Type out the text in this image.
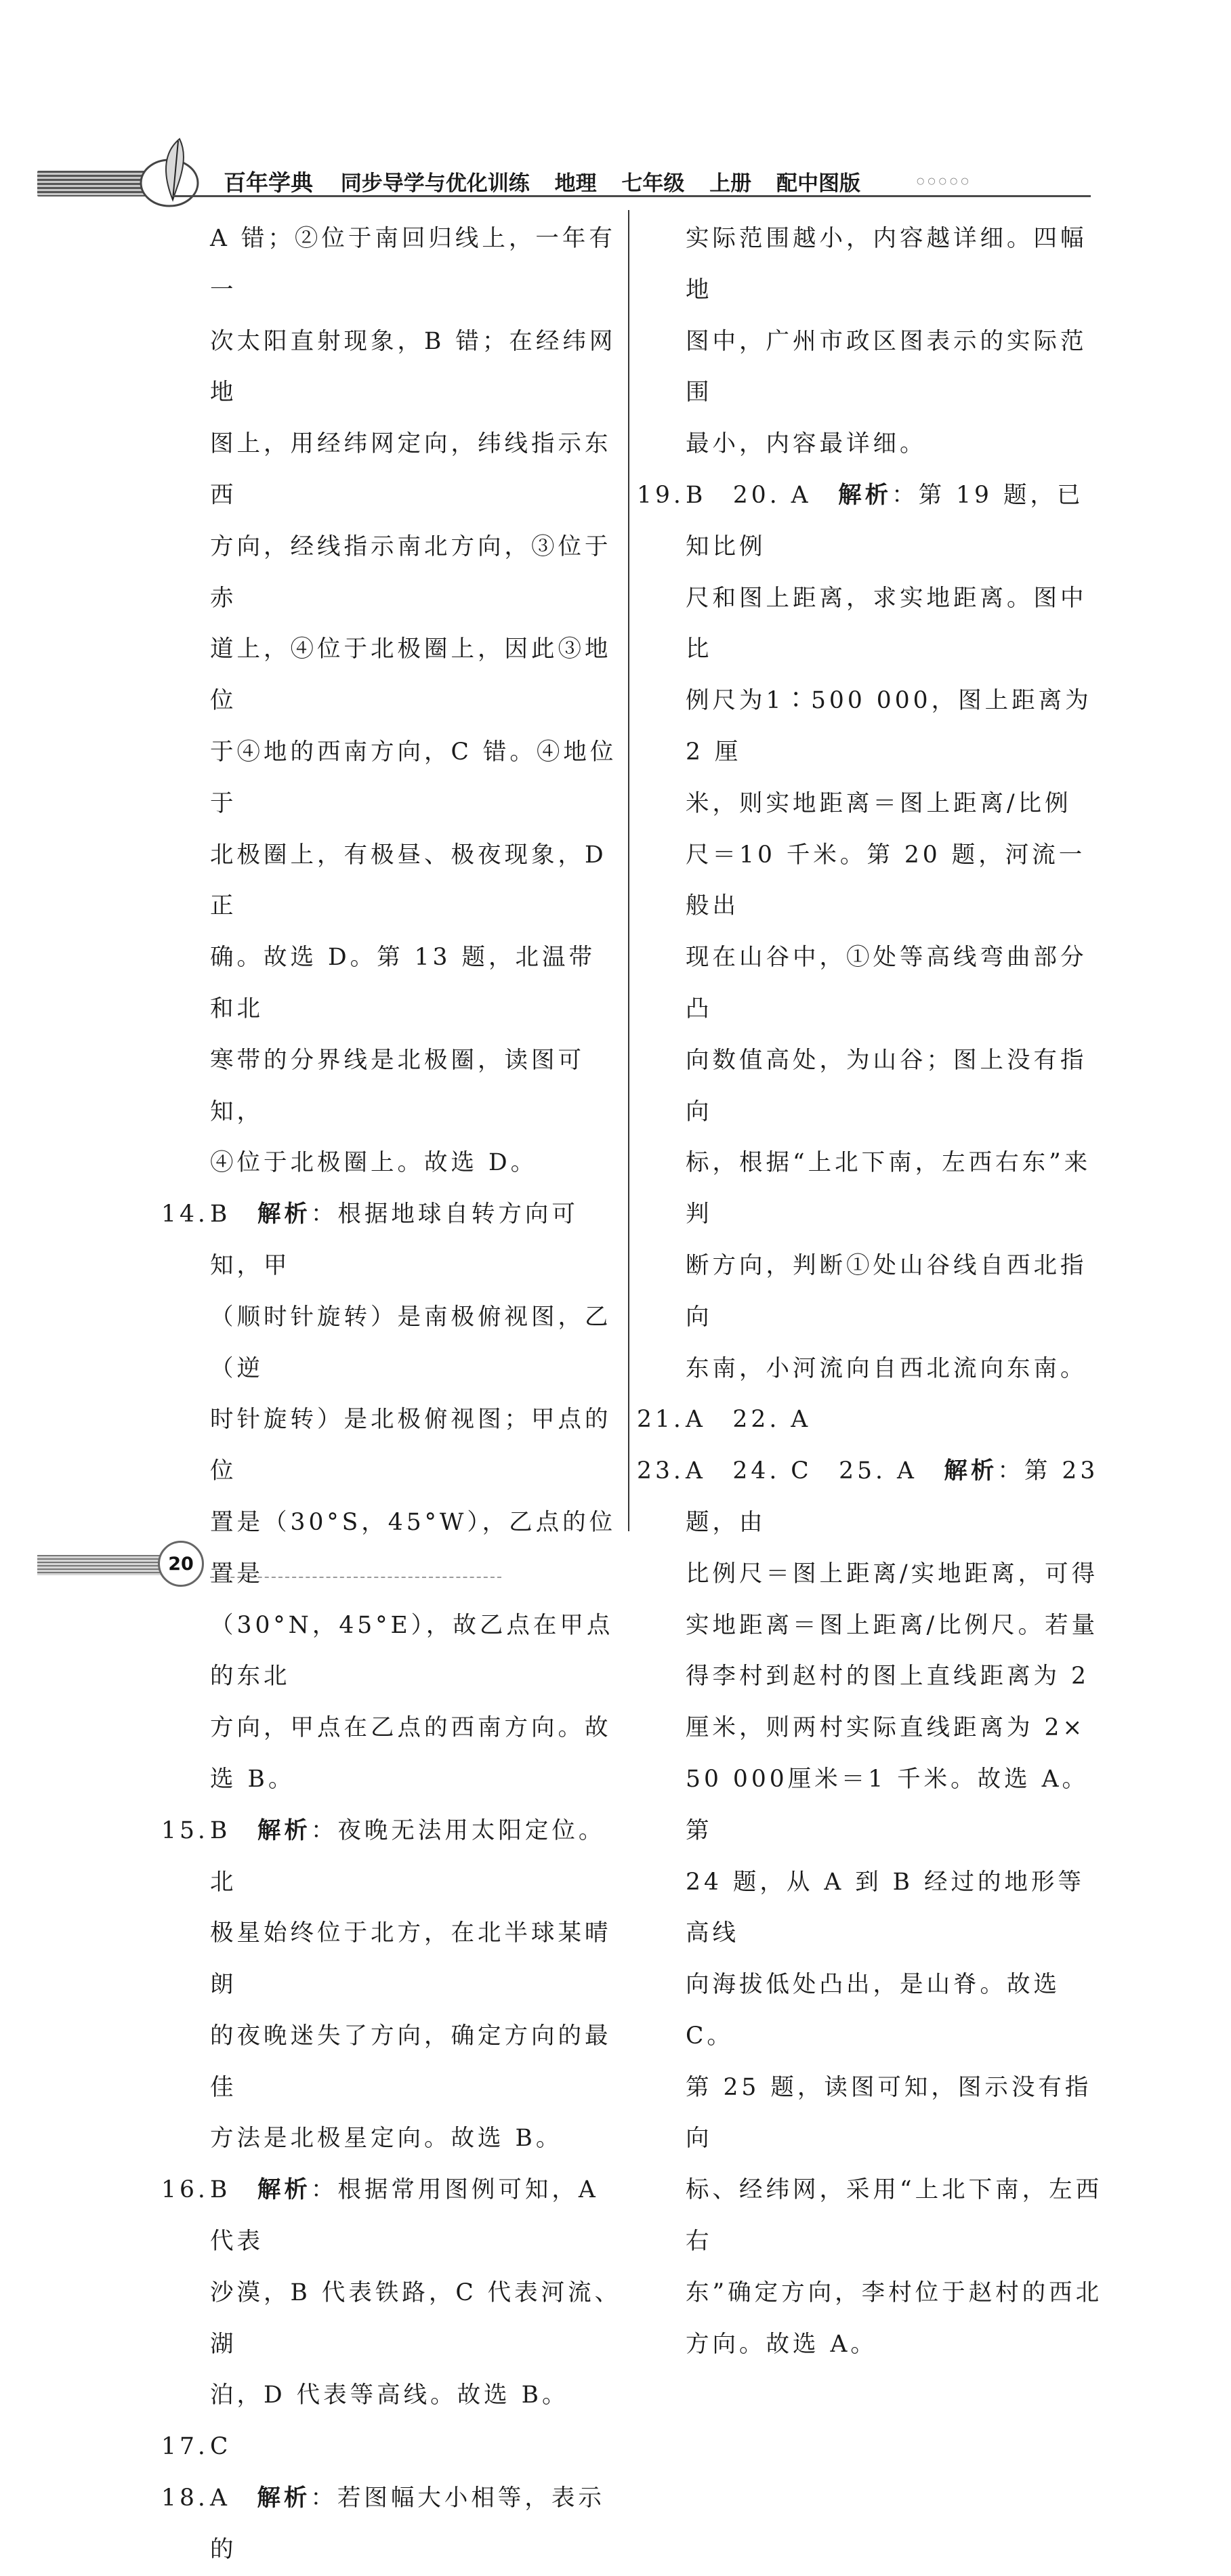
百年学典 同步导学与优化训练 地理 七年级 上册 配中图版	○○○○○

A 错；②位于南回归线上，一年有一

次太阳直射现象，B 错；在经纬网地

图上，用经纬网定向，纬线指示东西

方向，经线指示南北方向，③位于赤

道上，④位于北极圈上，因此③地位

于④地的西南方向，C 错。④地位于

北极圈上，有极昼、极夜现象，D 正

确。故选 D。第 13 题，北温带和北

寒带的分界线是北极圈，读图可知，

④位于北极圈上。故选 D。

14.B　解析：根据地球自转方向可知，甲

（顺时针旋转）是南极俯视图，乙（逆

时针旋转）是北极俯视图；甲点的位

置是（30°S，45°W），乙点的位置是

（30°N，45°E），故乙点在甲点的东北

方向，甲点在乙点的西南方向。故

选 B。

15.B　解析：夜晚无法用太阳定位。北

极星始终位于北方，在北半球某晴朗

的夜晚迷失了方向，确定方向的最佳

方法是北极星定向。故选 B。

16.B　解析：根据常用图例可知，A 代表

沙漠，B 代表铁路，C 代表河流、湖

泊，D 代表等高线。故选 B。

17.C

18.A　解析：若图幅大小相等，表示的

实际范围越小，内容越详细。四幅地

图中，广州市政区图表示的实际范围

最小，内容最详细。

19.B　20. A　解析：第 19 题，已知比例

尺和图上距离，求实地距离。图中比

例尺为1∶500 000，图上距离为 2 厘

米，则实地距离＝图上距离/比例

尺＝10 千米。第 20 题，河流一般出

现在山谷中，①处等高线弯曲部分凸

向数值高处，为山谷；图上没有指向

标，根据“上北下南，左西右东”来判

断方向，判断①处山谷线自西北指向

东南，小河流向自西北流向东南。

21.A　22. A

23.A　24. C　25. A　解析：第 23 题，由

比例尺＝图上距离/实地距离，可得

实地距离＝图上距离/比例尺。若量

得李村到赵村的图上直线距离为 2

厘米，则两村实际直线距离为 2×

50 000厘米＝1 千米。故选 A。第

24 题，从 A 到 B 经过的地形等高线

向海拔低处凸出，是山脊。故选 C。

第 25 题，读图可知，图示没有指向

标、经纬网，采用“上北下南，左西右

东”确定方向，李村位于赵村的西北

方向。故选 A。

20
